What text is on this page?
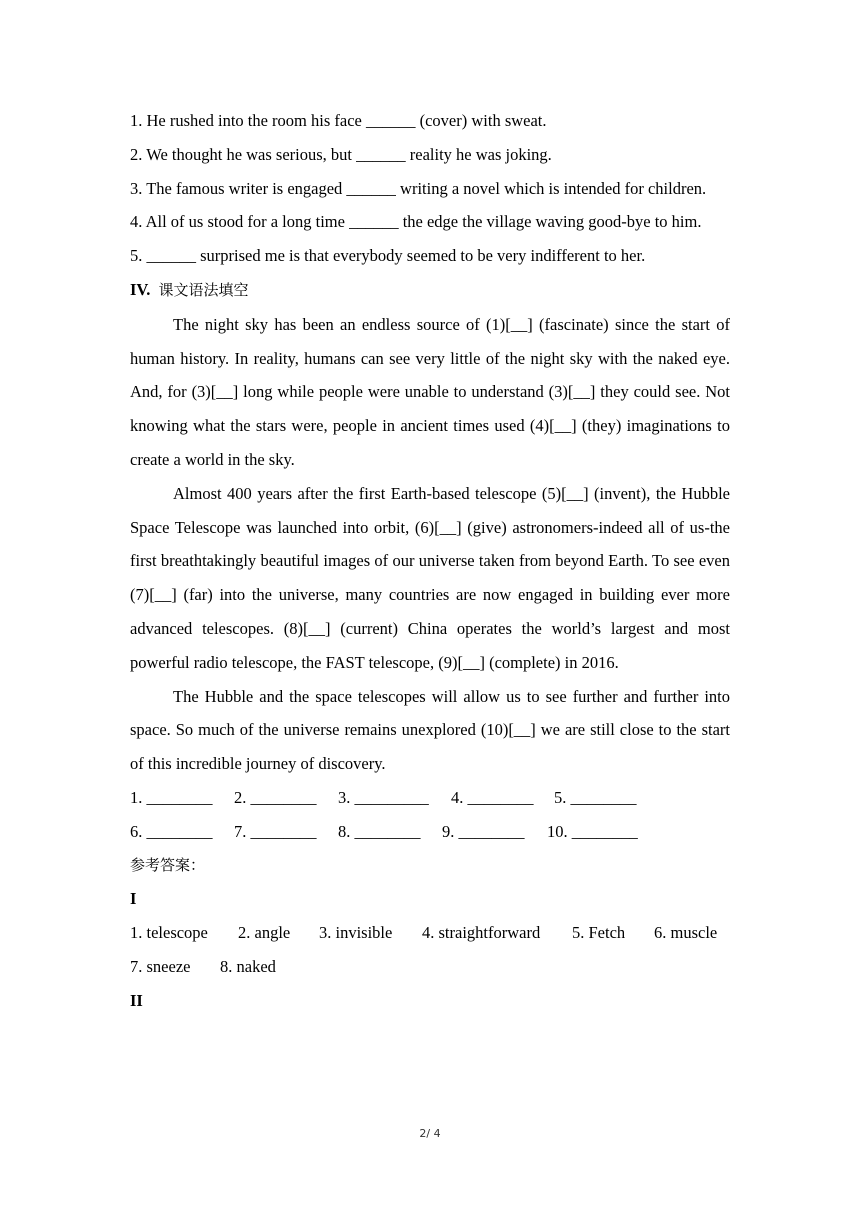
1. He rushed into the room his face ______ (cover) with sweat.
2. We thought he was serious, but ______ reality he was joking.
3. The famous writer is engaged ______ writing a novel which is intended for children.
4. All of us stood for a long time ______ the edge the village waving good-bye to him.
5. ______ surprised me is that everybody seemed to be very indifferent to her.
IV. 课文语法填空

The night sky has been an endless source of (1)[__] (fascinate) since the start of human history. In reality, humans can see very little of the night sky with the naked eye. And, for (3)[__] long while people were unable to understand (3)[__] they could see. Not knowing what the stars were, people in ancient times used (4)[__] (they) imaginations to create a world in the sky.

Almost 400 years after the first Earth-based telescope (5)[__] (invent), the Hubble Space Telescope was launched into orbit, (6)[__] (give) astronomers-indeed all of us-the first breathtakingly beautiful images of our universe taken from beyond Earth. To see even (7)[__] (far) into the universe, many countries are now engaged in building ever more advanced telescopes. (8)[__] (current) China operates the world’s largest and most powerful radio telescope, the FAST telescope, (9)[__] (complete) in 2016.

The Hubble and the space telescopes will allow us to see further and further into space. So much of the universe remains unexplored (10)[__] we are still close to the start of this incredible journey of discovery.

1. ________	2. ________	3. _________	4. ________	5. ________
6. ________	7. ________	8. ________	9. ________	10. ________
参考答案：
I
1. telescope	2. angle	3. invisible	4. straightforward	5. Fetch	6. muscle
7. sneeze	8. naked
II
2/ 4
